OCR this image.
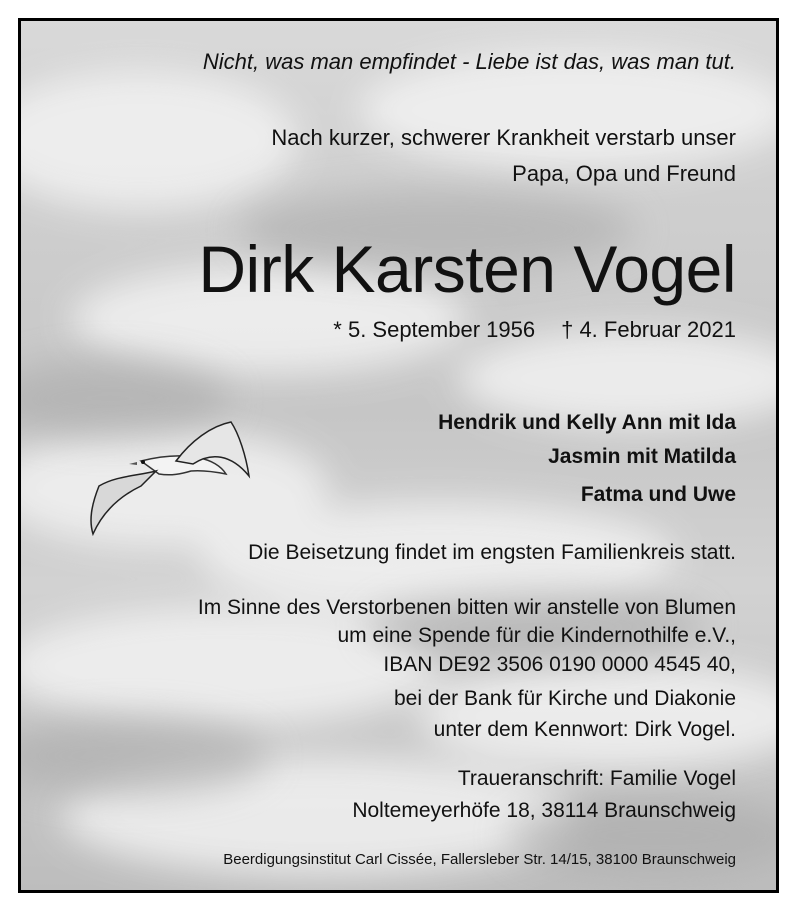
Nicht, was man empfindet - Liebe ist das, was man tut.
Nach kurzer, schwerer Krankheit verstarb unser
Papa, Opa und Freund
Dirk Karsten Vogel
* 5. September 1956 † 4. Februar 2021
Hendrik und Kelly Ann mit Ida
Jasmin mit Matilda
Fatma und Uwe
Die Beisetzung findet im engsten Familienkreis statt.
Im Sinne des Verstorbenen bitten wir anstelle von Blumen
um eine Spende für die Kindernothilfe e.V.,
IBAN DE92 3506 0190 0000 4545 40,
bei der Bank für Kirche und Diakonie
unter dem Kennwort: Dirk Vogel.
Traueranschrift: Familie Vogel
Noltemeyerhöfe 18, 38114 Braunschweig
Beerdigungsinstitut Carl Cissée, Fallersleber Str. 14/15, 38100 Braunschweig
